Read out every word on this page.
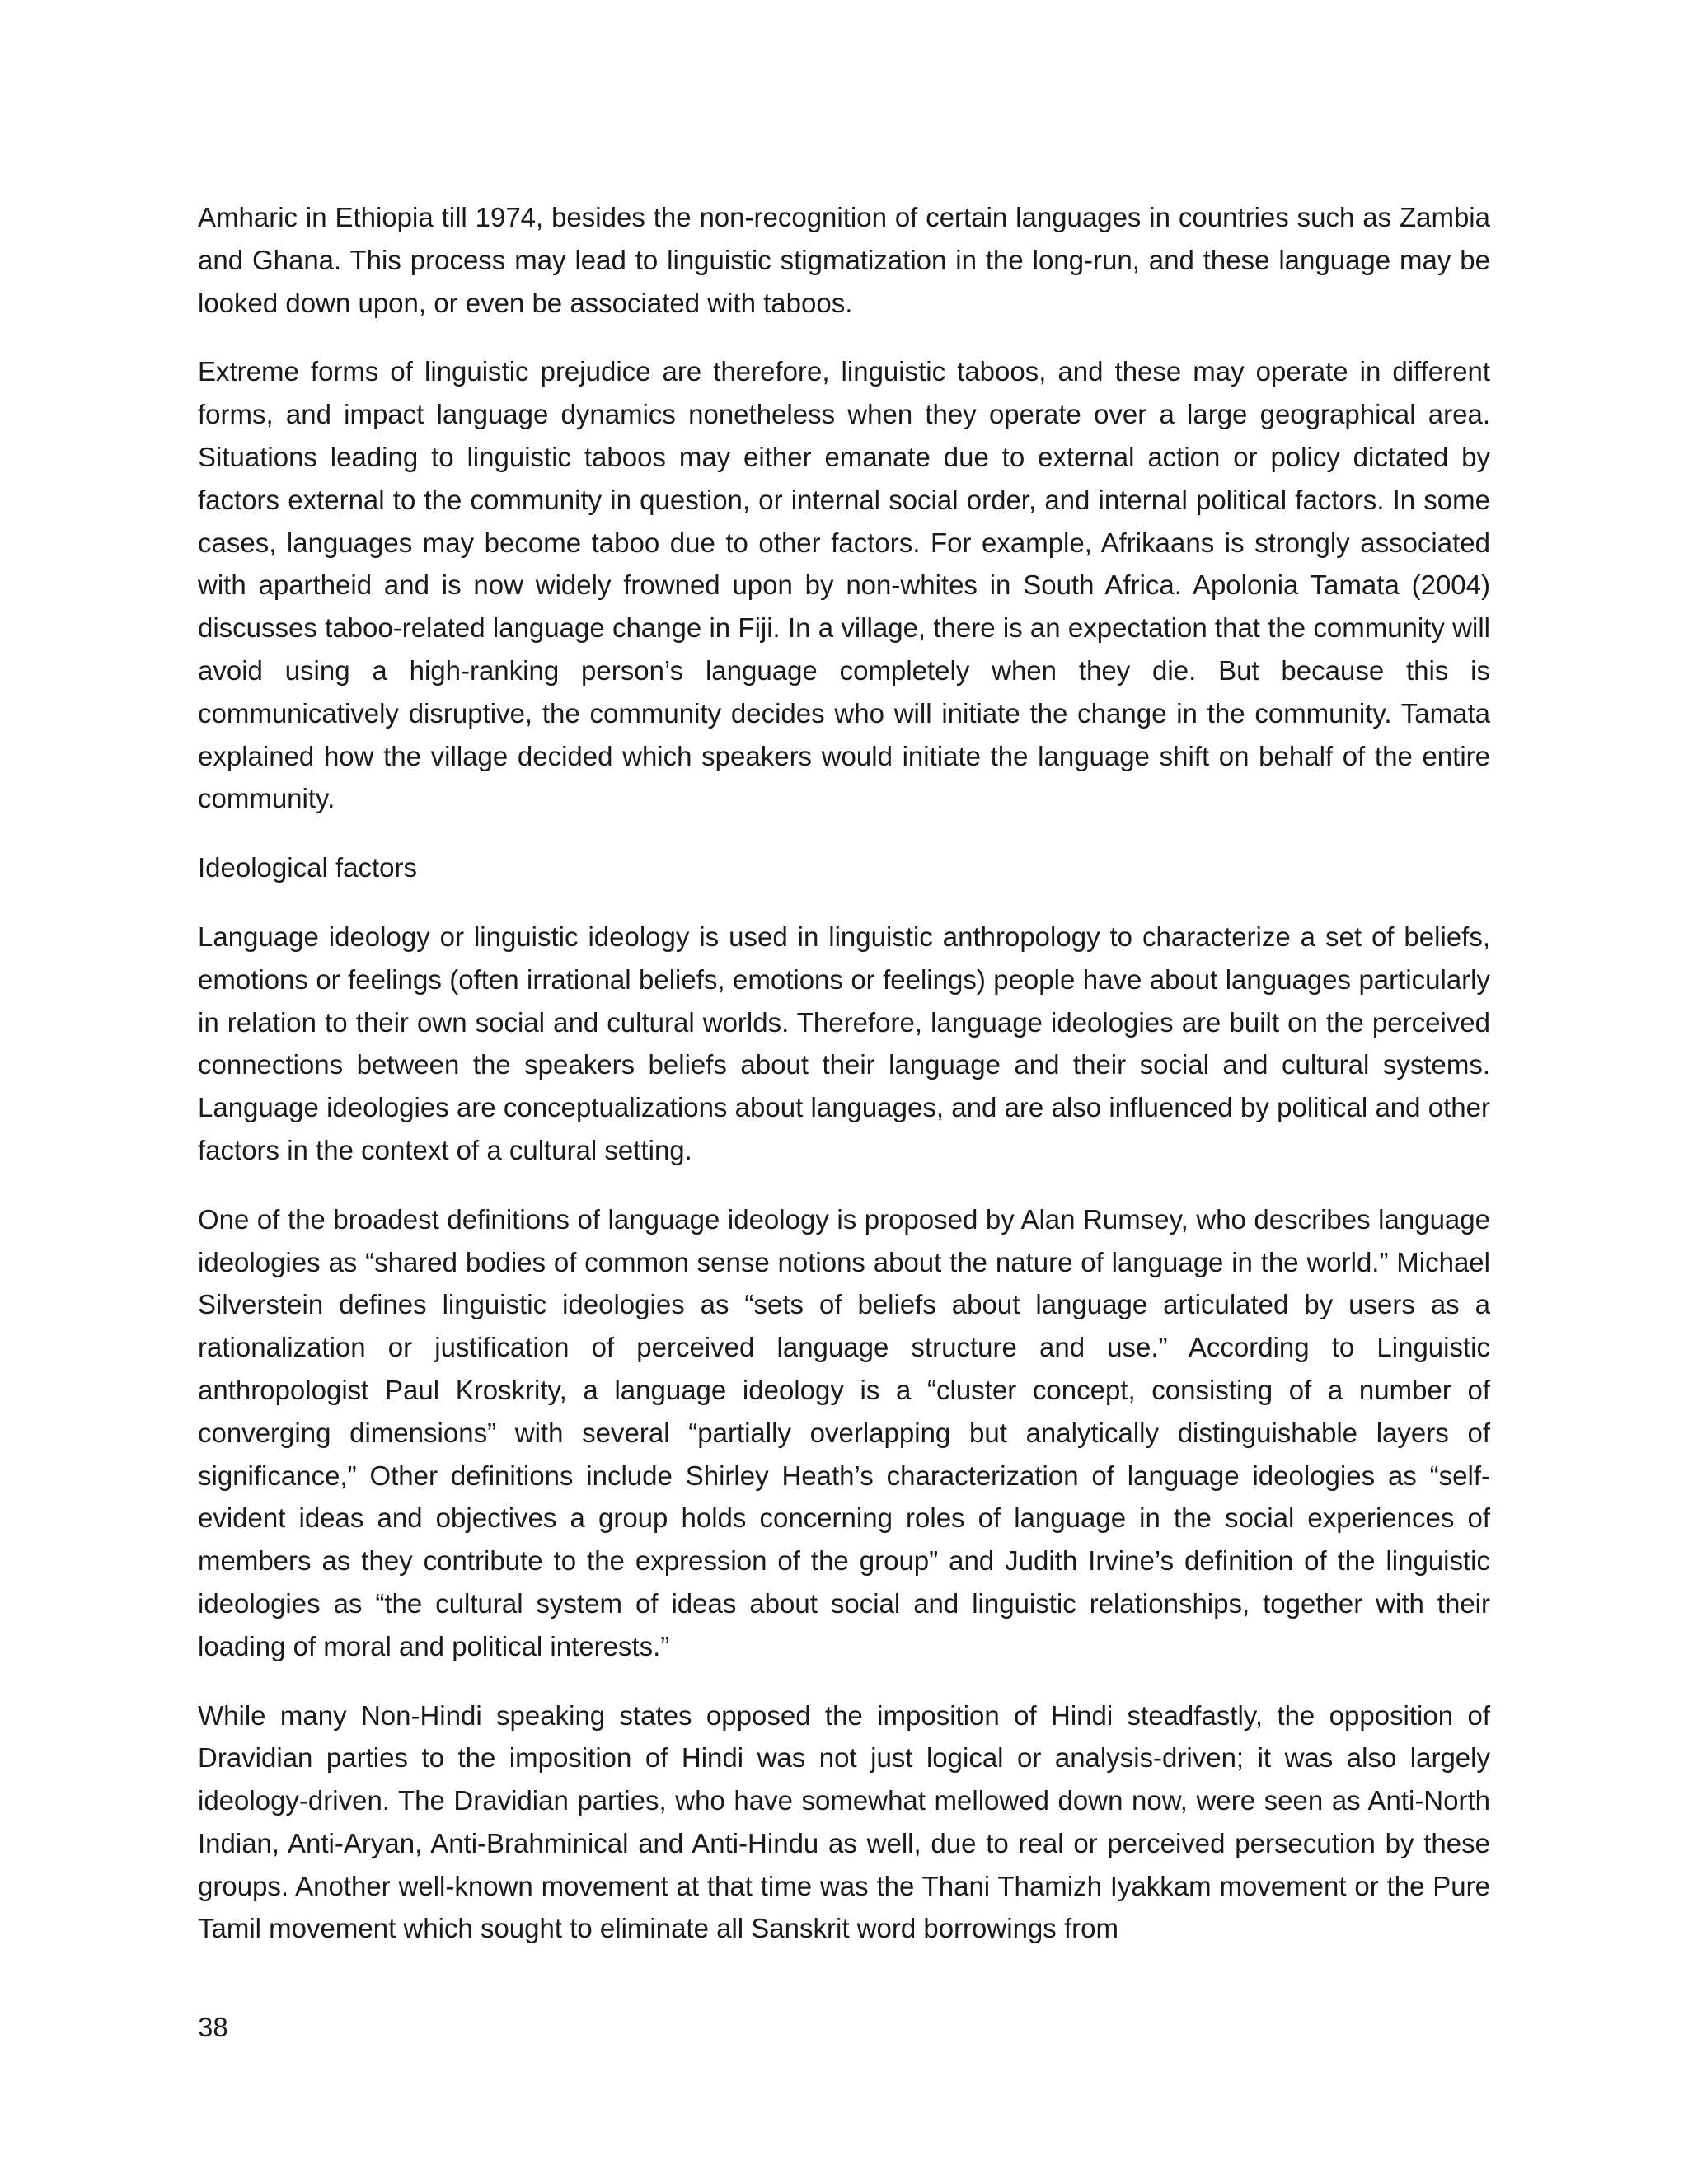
Amharic in Ethiopia till 1974, besides the non-recognition of certain languages in countries such as Zambia and Ghana. This process may lead to linguistic stigmatization in the long-run, and these language may be looked down upon, or even be associated with taboos.

Extreme forms of linguistic prejudice are therefore, linguistic taboos, and these may operate in different forms, and impact language dynamics nonetheless when they operate over a large geographical area. Situations leading to linguistic taboos may either emanate due to external action or policy dictated by factors external to the community in question, or internal social order, and internal political factors. In some cases, languages may become taboo due to other factors. For example, Afrikaans is strongly associated with apartheid and is now widely frowned upon by non-whites in South Africa. Apolonia Tamata (2004) discusses taboo-related language change in Fiji. In a village, there is an expectation that the community will avoid using a high-ranking person’s language completely when they die. But because this is communicatively disruptive, the community decides who will initiate the change in the community. Tamata explained how the village decided which speakers would initiate the language shift on behalf of the entire community.

Ideological factors

Language ideology or linguistic ideology is used in linguistic anthropology to characterize a set of beliefs, emotions or feelings (often irrational beliefs, emotions or feelings) people have about languages particularly in relation to their own social and cultural worlds. Therefore, language ideologies are built on the perceived connections between the speakers beliefs about their language and their social and cultural systems. Language ideologies are conceptualizations about languages, and are also influenced by political and other factors in the context of a cultural setting.

One of the broadest definitions of language ideology is proposed by Alan Rumsey, who describes language ideologies as “shared bodies of common sense notions about the nature of language in the world.” Michael Silverstein defines linguistic ideologies as “sets of beliefs about language articulated by users as a rationalization or justification of perceived language structure and use.” According to Linguistic anthropologist Paul Kroskrity, a language ideology is a “cluster concept, consisting of a number of converging dimensions” with several “partially overlapping but analytically distinguishable layers of significance,” Other definitions include Shirley Heath’s characterization of language ideologies as “self-evident ideas and objectives a group holds concerning roles of language in the social experiences of members as they contribute to the expression of the group” and Judith Irvine’s definition of the linguistic ideologies as “the cultural system of ideas about social and linguistic relationships, together with their loading of moral and political interests.”

While many Non-Hindi speaking states opposed the imposition of Hindi steadfastly, the opposition of Dravidian parties to the imposition of Hindi was not just logical or analysis-driven; it was also largely ideology-driven. The Dravidian parties, who have somewhat mellowed down now, were seen as Anti-North Indian, Anti-Aryan, Anti-Brahminical and Anti-Hindu as well, due to real or perceived persecution by these groups. Another well-known movement at that time was the Thani Thamizh Iyakkam movement or the Pure Tamil movement which sought to eliminate all Sanskrit word borrowings from

38
